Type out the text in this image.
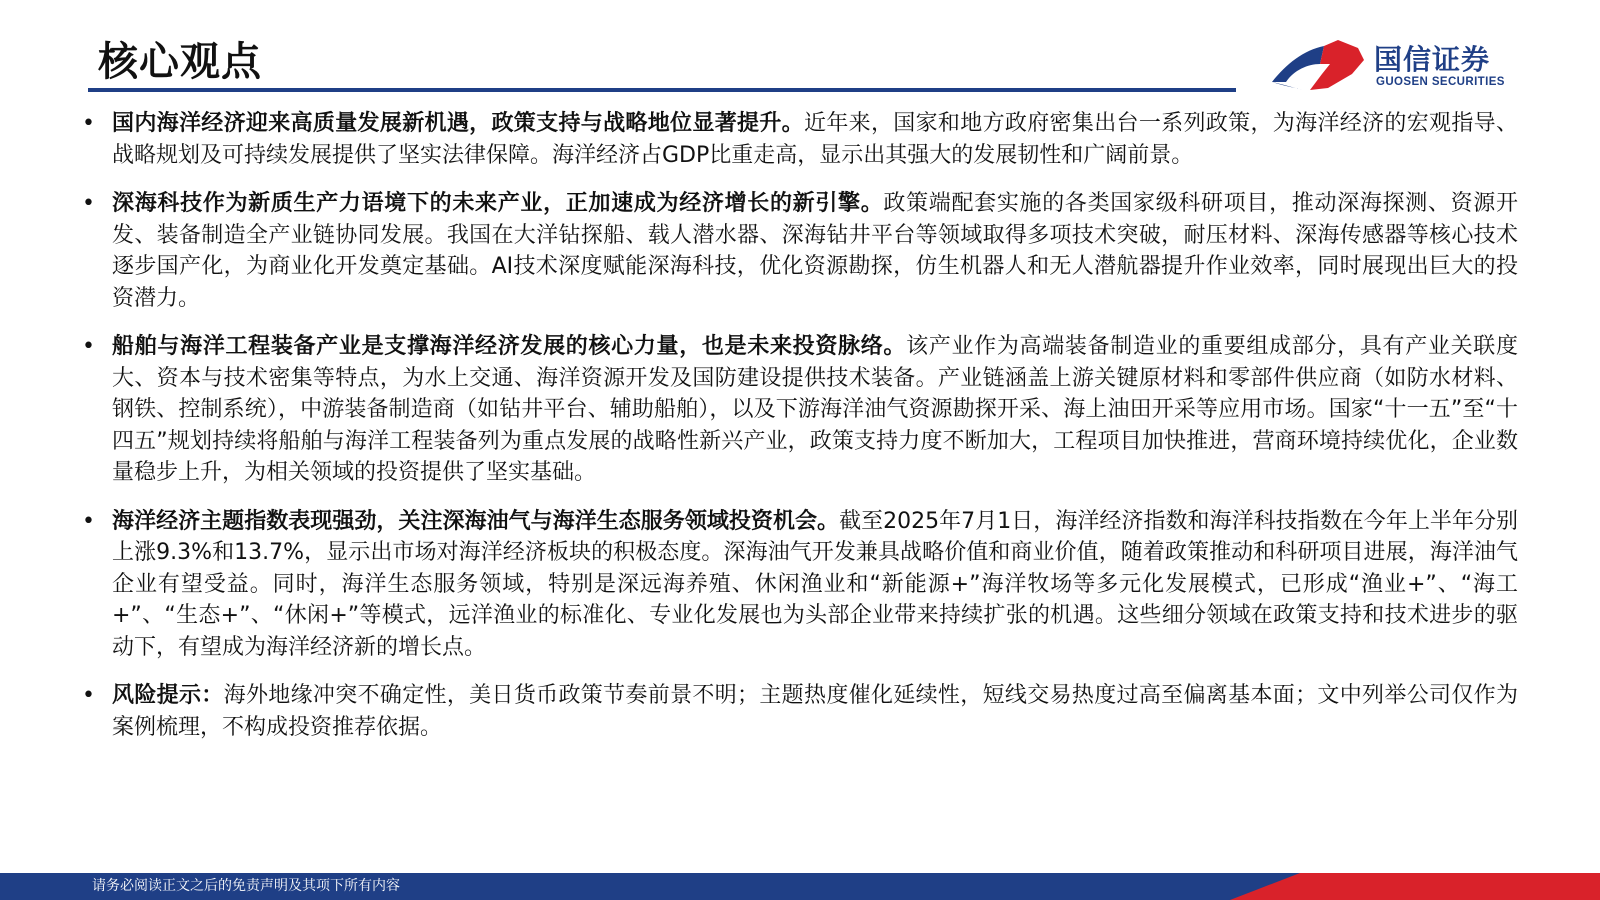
核心观点	国信证券
GUOSEN SECURITIES
• 国内海洋经济迎来高质量发展新机遇，政策支持与战略地位显著提升。近年来，国家和地方政府密集出台一系列政策，为海洋经济的宏观指导、战略规划及可持续发展提供了坚实法律保障。海洋经济占GDP比重走高，显示出其强大的发展韧性和广阔前景。
• 深海科技作为新质生产力语境下的未来产业，正加速成为经济增长的新引擎。政策端配套实施的各类国家级科研项目，推动深海探测、资源开发、装备制造全产业链协同发展。我国在大洋钻探船、载人潜水器、深海钻井平台等领域取得多项技术突破，耐压材料、深海传感器等核心技术逐步国产化，为商业化开发奠定基础。AI技术深度赋能深海科技，优化资源勘探，仿生机器人和无人潜航器提升作业效率，同时展现出巨大的投资潜力。
• 船舶与海洋工程装备产业是支撑海洋经济发展的核心力量，也是未来投资脉络。该产业作为高端装备制造业的重要组成部分，具有产业关联度大、资本与技术密集等特点，为水上交通、海洋资源开发及国防建设提供技术装备。产业链涵盖上游关键原材料和零部件供应商（如防水材料、钢铁、控制系统），中游装备制造商（如钻井平台、辅助船舶），以及下游海洋油气资源勘探开采、海上油田开采等应用市场。国家“十一五”至“十四五”规划持续将船舶与海洋工程装备列为重点发展的战略性新兴产业，政策支持力度不断加大，工程项目加快推进，营商环境持续优化，企业数量稳步上升，为相关领域的投资提供了坚实基础。
• 海洋经济主题指数表现强劲，关注深海油气与海洋生态服务领域投资机会。截至2025年7月1日，海洋经济指数和海洋科技指数在今年上半年分别上涨9.3%和13.7%，显示出市场对海洋经济板块的积极态度。深海油气开发兼具战略价值和商业价值，随着政策推动和科研项目进展，海洋油气企业有望受益。同时，海洋生态服务领域，特别是深远海养殖、休闲渔业和“新能源+”海洋牧场等多元化发展模式，已形成“渔业+”、“海工+”、“生态+”、“休闲+”等模式，远洋渔业的标准化、专业化发展也为头部企业带来持续扩张的机遇。这些细分领域在政策支持和技术进步的驱动下，有望成为海洋经济新的增长点。
• 风险提示：海外地缘冲突不确定性，美日货币政策节奏前景不明；主题热度催化延续性，短线交易热度过高至偏离基本面；文中列举公司仅作为案例梳理，不构成投资推荐依据。
请务必阅读正文之后的免责声明及其项下所有内容
